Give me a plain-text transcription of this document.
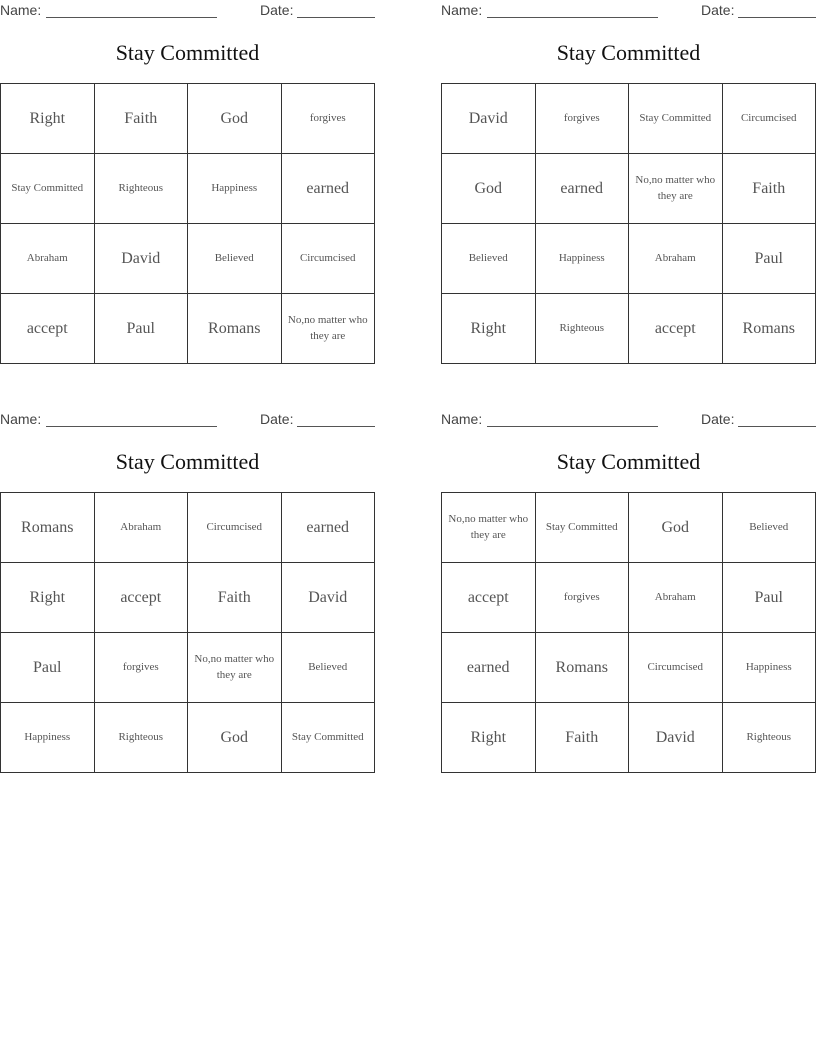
Name:	Date:
Stay Committed
Right	Faith	God	forgives
Stay Committed	Righteous	Happiness	earned
Abraham	David	Believed	Circumcised
accept	Paul	Romans	No,no matter who they are
Name:	Date:
Stay Committed
David	forgives	Stay Committed	Circumcised
God	earned	No,no matter who they are	Faith
Believed	Happiness	Abraham	Paul
Right	Righteous	accept	Romans
Name:	Date:
Stay Committed
Romans	Abraham	Circumcised	earned
Right	accept	Faith	David
Paul	forgives	No,no matter who they are	Believed
Happiness	Righteous	God	Stay Committed
Name:	Date:
Stay Committed
No,no matter who they are	Stay Committed	God	Believed
accept	forgives	Abraham	Paul
earned	Romans	Circumcised	Happiness
Right	Faith	David	Righteous
